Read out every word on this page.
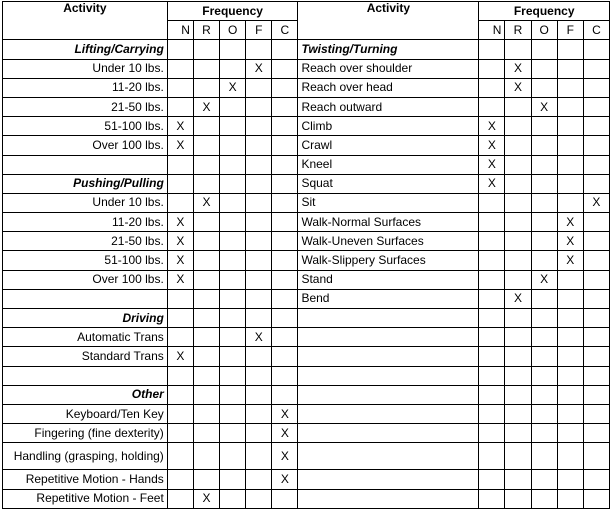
Activity	Frequency					Activity	Frequency				
	N	R	O	F	C		N	R	O	F	C
Lifting/Carrying						Twisting/Turning					
Under 10 lbs.				X		Reach over shoulder		X			
11-20 lbs.			X			Reach over head		X			
21-50 lbs.		X				Reach outward			X		
51-100 lbs.	X					Climb	X				
Over 100 lbs.	X					Crawl	X				
						Kneel	X				
Pushing/Pulling						Squat	X				
Under 10 lbs.		X				Sit					X
11-20 lbs.	X					Walk-Normal Surfaces				X	
21-50 lbs.	X					Walk-Uneven Surfaces				X	
51-100 lbs.	X					Walk-Slippery Surfaces				X	
Over 100 lbs.	X					Stand			X		
						Bend		X			
Driving											
Automatic Trans				X							
Standard Trans	X										

Other											
Keyboard/Ten Key					X						
Fingering (fine dexterity)					X						
Handling (grasping, holding)					X						
Repetitive Motion - Hands					X						
Repetitive Motion - Feet		X									
